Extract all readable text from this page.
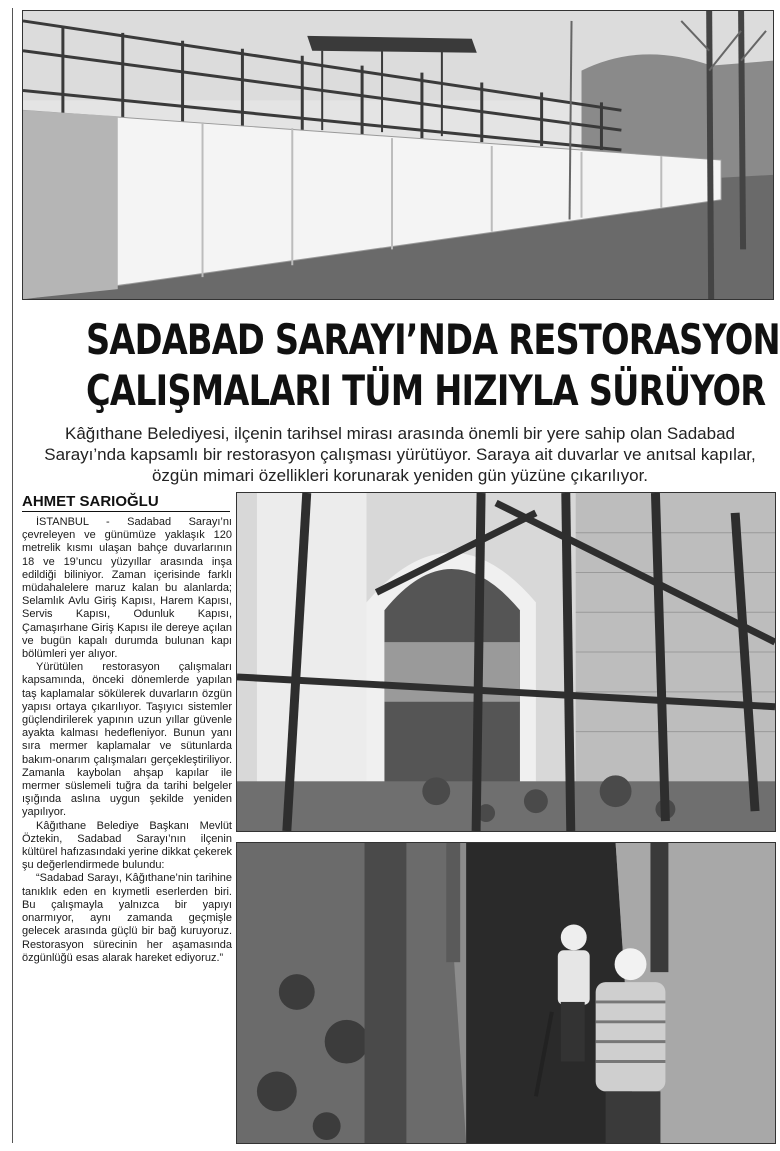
SADABAD SARAYI’NDA RESTORASYON
ÇALIŞMALARI TÜM HIZIYLA SÜRÜYOR

Kâğıthane Belediyesi, ilçenin tarihsel mirası arasında önemli bir yere sahip olan Sadabad Sarayı’nda kapsamlı bir restorasyon çalışması yürütüyor. Saraya ait duvarlar ve anıtsal kapılar, özgün mimari özellikleri korunarak yeniden gün yüzüne çıkarılıyor.

AHMET SARIOĞLU

İSTANBUL - Sadabad Sarayı’nı çevreleyen ve günümüze yaklaşık 120 metrelik kısmı ulaşan bahçe duvarlarının 18 ve 19’uncu yüzyıllar arasında inşa edildiği biliniyor. Zaman içerisinde farklı müdahalelere maruz kalan bu alanlarda; Selamlık Avlu Giriş Kapısı, Harem Kapısı, Servis Kapısı, Odunluk Kapısı, Çamaşırhane Giriş Kapısı ile dereye açılan ve bugün kapalı durumda bulunan kapı bölümleri yer alıyor.

Yürütülen restorasyon çalışmaları kapsamında, önceki dönemlerde yapılan taş kaplamalar sökülerek duvarların özgün yapısı ortaya çıkarılıyor. Taşıyıcı sistemler güçlendirilerek yapının uzun yıllar güvenle ayakta kalması hedefleniyor. Bunun yanı sıra mermer kaplamalar ve sütunlarda bakım-onarım çalışmaları gerçekleştiriliyor. Zamanla kaybolan ahşap kapılar ile mermer süslemeli tuğra da tarihi belgeler ışığında aslına uygun şekilde yeniden yapılıyor.

Kâğıthane Belediye Başkanı Mevlüt Öztekin, Sadabad Sarayı’nın ilçenin kültürel hafızasındaki yerine dikkat çekerek şu değerlendirmede bulundu:

“Sadabad Sarayı, Kâğıthane’nin tarihine tanıklık eden en kıymetli eserlerden biri. Bu çalışmayla yalnızca bir yapıyı onarmıyor, aynı zamanda geçmişle gelecek arasında güçlü bir bağ kuruyoruz. Restorasyon sürecinin her aşamasında özgünlüğü esas alarak hareket ediyoruz.”
